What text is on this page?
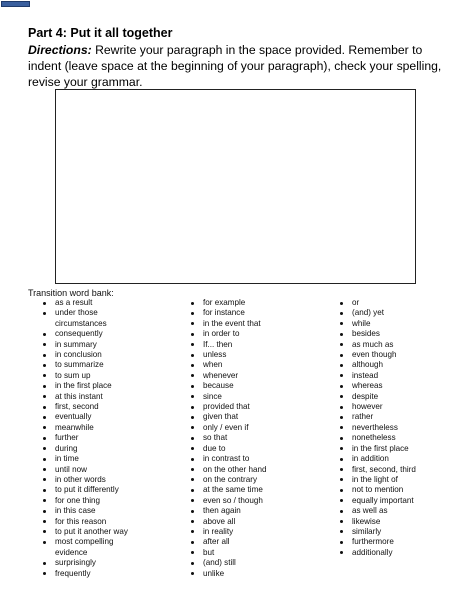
Part 4: Put it all together
Directions: Rewrite your paragraph in the space provided. Remember to indent (leave space at the beginning of your paragraph), check your spelling, revise your grammar.
Transition word bank:
as a result
under those
circumstances
consequently
in summary
in conclusion
to summarize
to sum up
in the first place
at this instant
first, second
eventually
meanwhile
further
during
in time
until now
in other words
to put it differently
for one thing
in this case
for this reason
to put it another way
most compelling
evidence
surprisingly
frequently
for example
for instance
in the event that
in order to
If... then
unless
when
whenever
because
since
provided that
given that
only / even if
so that
due to
in contrast to
on the other hand
on the contrary
at the same time
even so / though
then again
above all
in reality
after all
but
(and) still
unlike
or
(and) yet
while
besides
as much as
even though
although
instead
whereas
despite
however
rather
nevertheless
nonetheless
in the first place
in addition
first, second, third
in the light of
not to mention
equally important
as well as
likewise
similarly
furthermore
additionally
